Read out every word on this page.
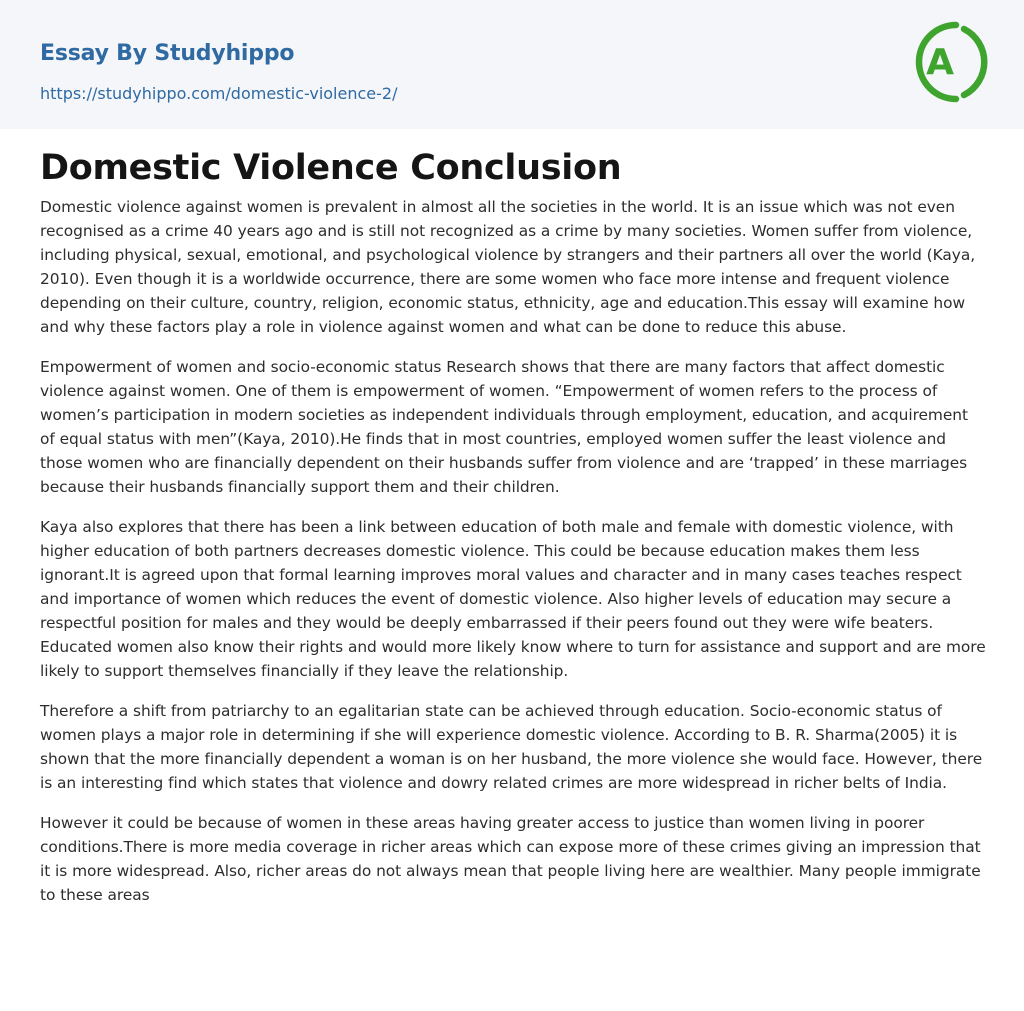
Essay By Studyhippo
https://studyhippo.com/domestic-violence-2/
A
Domestic Violence Conclusion

Domestic violence against women is prevalent in almost all the societies in the world. It is an issue which was not even recognised as a crime 40 years ago and is still not recognized as a crime by many societies. Women suffer from violence, including physical, sexual, emotional, and psychological violence by strangers and their partners all over the world (Kaya, 2010). Even though it is a worldwide occurrence, there are some women who face more intense and frequent violence depending on their culture, country, religion, economic status, ethnicity, age and education.This essay will examine how and why these factors play a role in violence against women and what can be done to reduce this abuse.

Empowerment of women and socio-economic status Research shows that there are many factors that affect domestic violence against women. One of them is empowerment of women. “Empowerment of women refers to the process of women’s participation in modern societies as independent individuals through employment, education, and acquirement of equal status with men”(Kaya, 2010).He finds that in most countries, employed women suffer the least violence and those women who are financially dependent on their husbands suffer from violence and are ‘trapped’ in these marriages because their husbands financially support them and their children.

Kaya also explores that there has been a link between education of both male and female with domestic violence, with higher education of both partners decreases domestic violence. This could be because education makes them less ignorant.It is agreed upon that formal learning improves moral values and character and in many cases teaches respect and importance of women which reduces the event of domestic violence. Also higher levels of education may secure a respectful position for males and they would be deeply embarrassed if their peers found out they were wife beaters. Educated women also know their rights and would more likely know where to turn for assistance and support and are more likely to support themselves financially if they leave the relationship.

Therefore a shift from patriarchy to an egalitarian state can be achieved through education. Socio-economic status of women plays a major role in determining if she will experience domestic violence. According to B. R. Sharma(2005) it is shown that the more financially dependent a woman is on her husband, the more violence she would face. However, there is an interesting find which states that violence and dowry related crimes are more widespread in richer belts of India.

However it could be because of women in these areas having greater access to justice than women living in poorer conditions.There is more media coverage in richer areas which can expose more of these crimes giving an impression that it is more widespread. Also, richer areas do not always mean that people living here are wealthier. Many people immigrate to these areas
